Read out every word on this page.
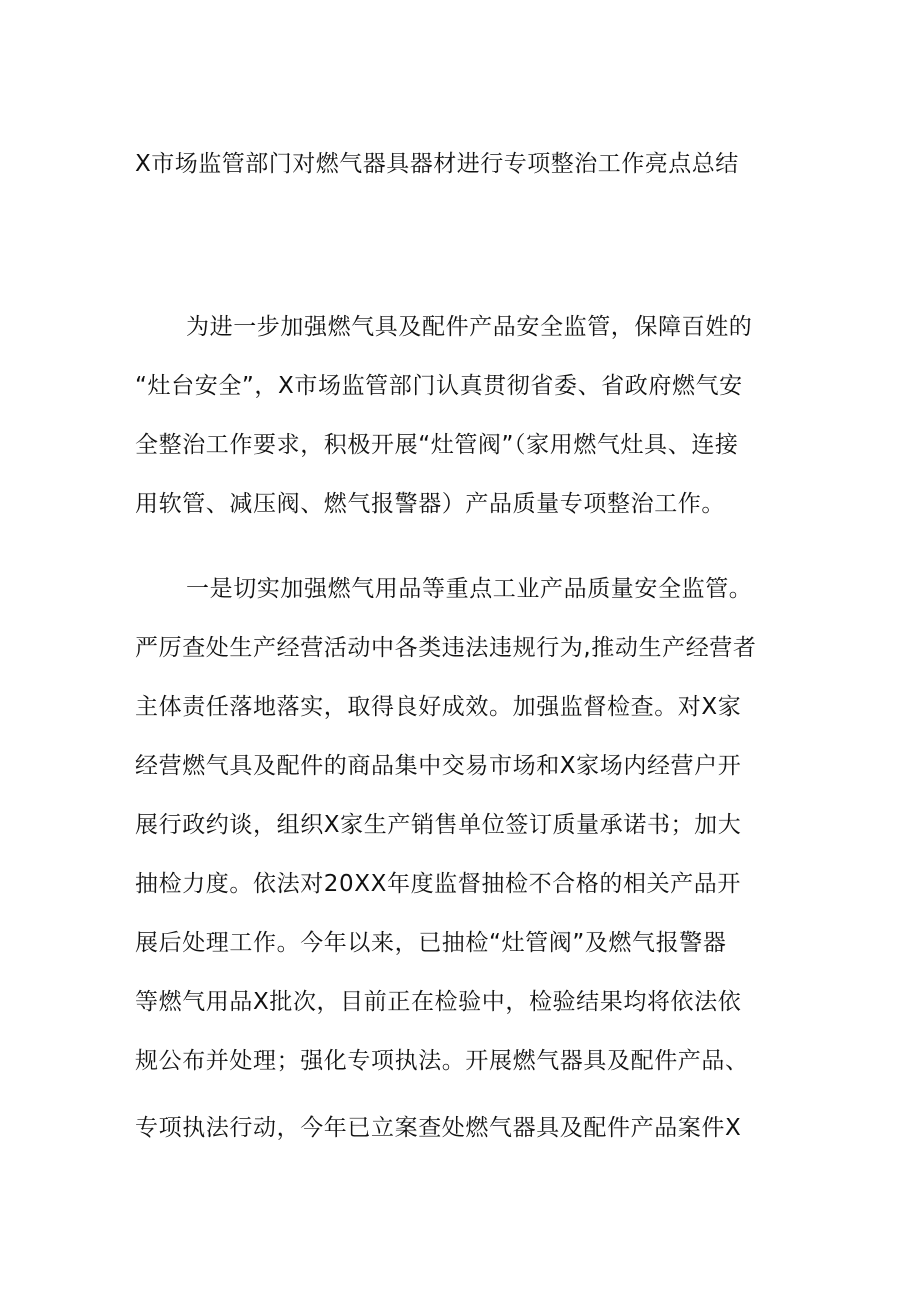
X市场监管部门对燃气器具器材进行专项整治工作亮点总结
为进一步加强燃气具及配件产品安全监管，保障百姓的
“灶台安全”，X市场监管部门认真贯彻省委、省政府燃气安
全整治工作要求，积极开展“灶管阀”（家用燃气灶具、连接
用软管、减压阀、燃气报警器）产品质量专项整治工作。
一是切实加强燃气用品等重点工业产品质量安全监管。
严厉查处生产经营活动中各类违法违规行为,推动生产经营者
主体责任落地落实，取得良好成效。加强监督检查。对X家
经营燃气具及配件的商品集中交易市场和X家场内经营户开
展行政约谈，组织X家生产销售单位签订质量承诺书；加大
抽检力度。依法对20XX年度监督抽检不合格的相关产品开
展后处理工作。今年以来，已抽检“灶管阀”及燃气报警器
等燃气用品X批次，目前正在检验中，检验结果均将依法依
规公布并处理；强化专项执法。开展燃气器具及配件产品、
专项执法行动，今年已立案查处燃气器具及配件产品案件X
